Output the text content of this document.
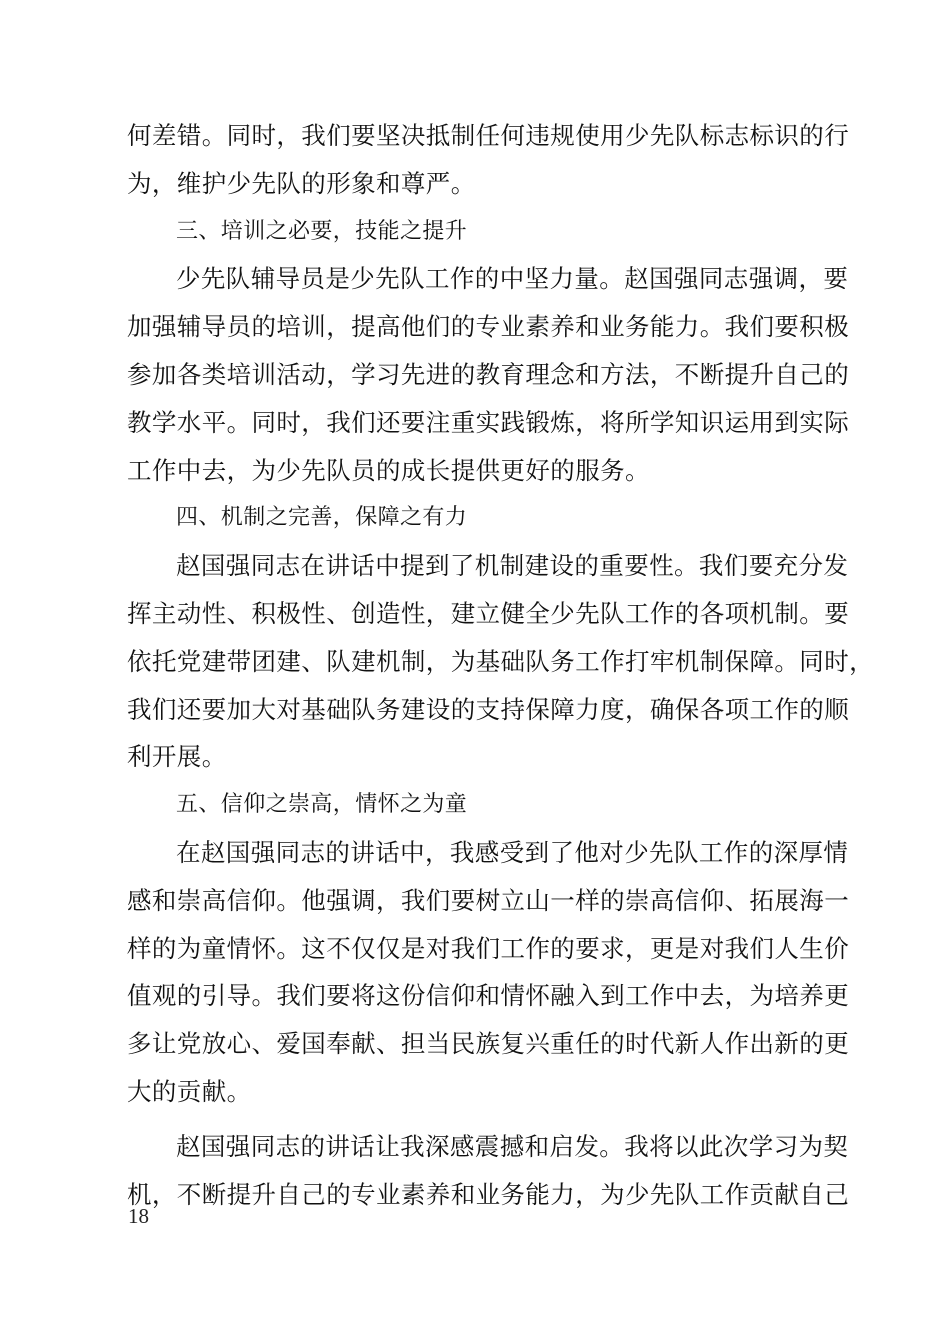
何差错。同时，我们要坚决抵制任何违规使用少先队标志标识的行
为，维护少先队的形象和尊严。
三、培训之必要，技能之提升
少先队辅导员是少先队工作的中坚力量。赵国强同志强调，要
加强辅导员的培训，提高他们的专业素养和业务能力。我们要积极
参加各类培训活动，学习先进的教育理念和方法，不断提升自己的
教学水平。同时，我们还要注重实践锻炼，将所学知识运用到实际
工作中去，为少先队员的成长提供更好的服务。
四、机制之完善，保障之有力
赵国强同志在讲话中提到了机制建设的重要性。我们要充分发
挥主动性、积极性、创造性，建立健全少先队工作的各项机制。要
依托党建带团建、队建机制，为基础队务工作打牢机制保障。同时，
我们还要加大对基础队务建设的支持保障力度，确保各项工作的顺
利开展。
五、信仰之崇高，情怀之为童
在赵国强同志的讲话中，我感受到了他对少先队工作的深厚情
感和崇高信仰。他强调，我们要树立山一样的崇高信仰、拓展海一
样的为童情怀。这不仅仅是对我们工作的要求，更是对我们人生价
值观的引导。我们要将这份信仰和情怀融入到工作中去，为培养更
多让党放心、爱国奉献、担当民族复兴重任的时代新人作出新的更
大的贡献。
赵国强同志的讲话让我深感震撼和启发。我将以此次学习为契
机，不断提升自己的专业素养和业务能力，为少先队工作贡献自己
18
